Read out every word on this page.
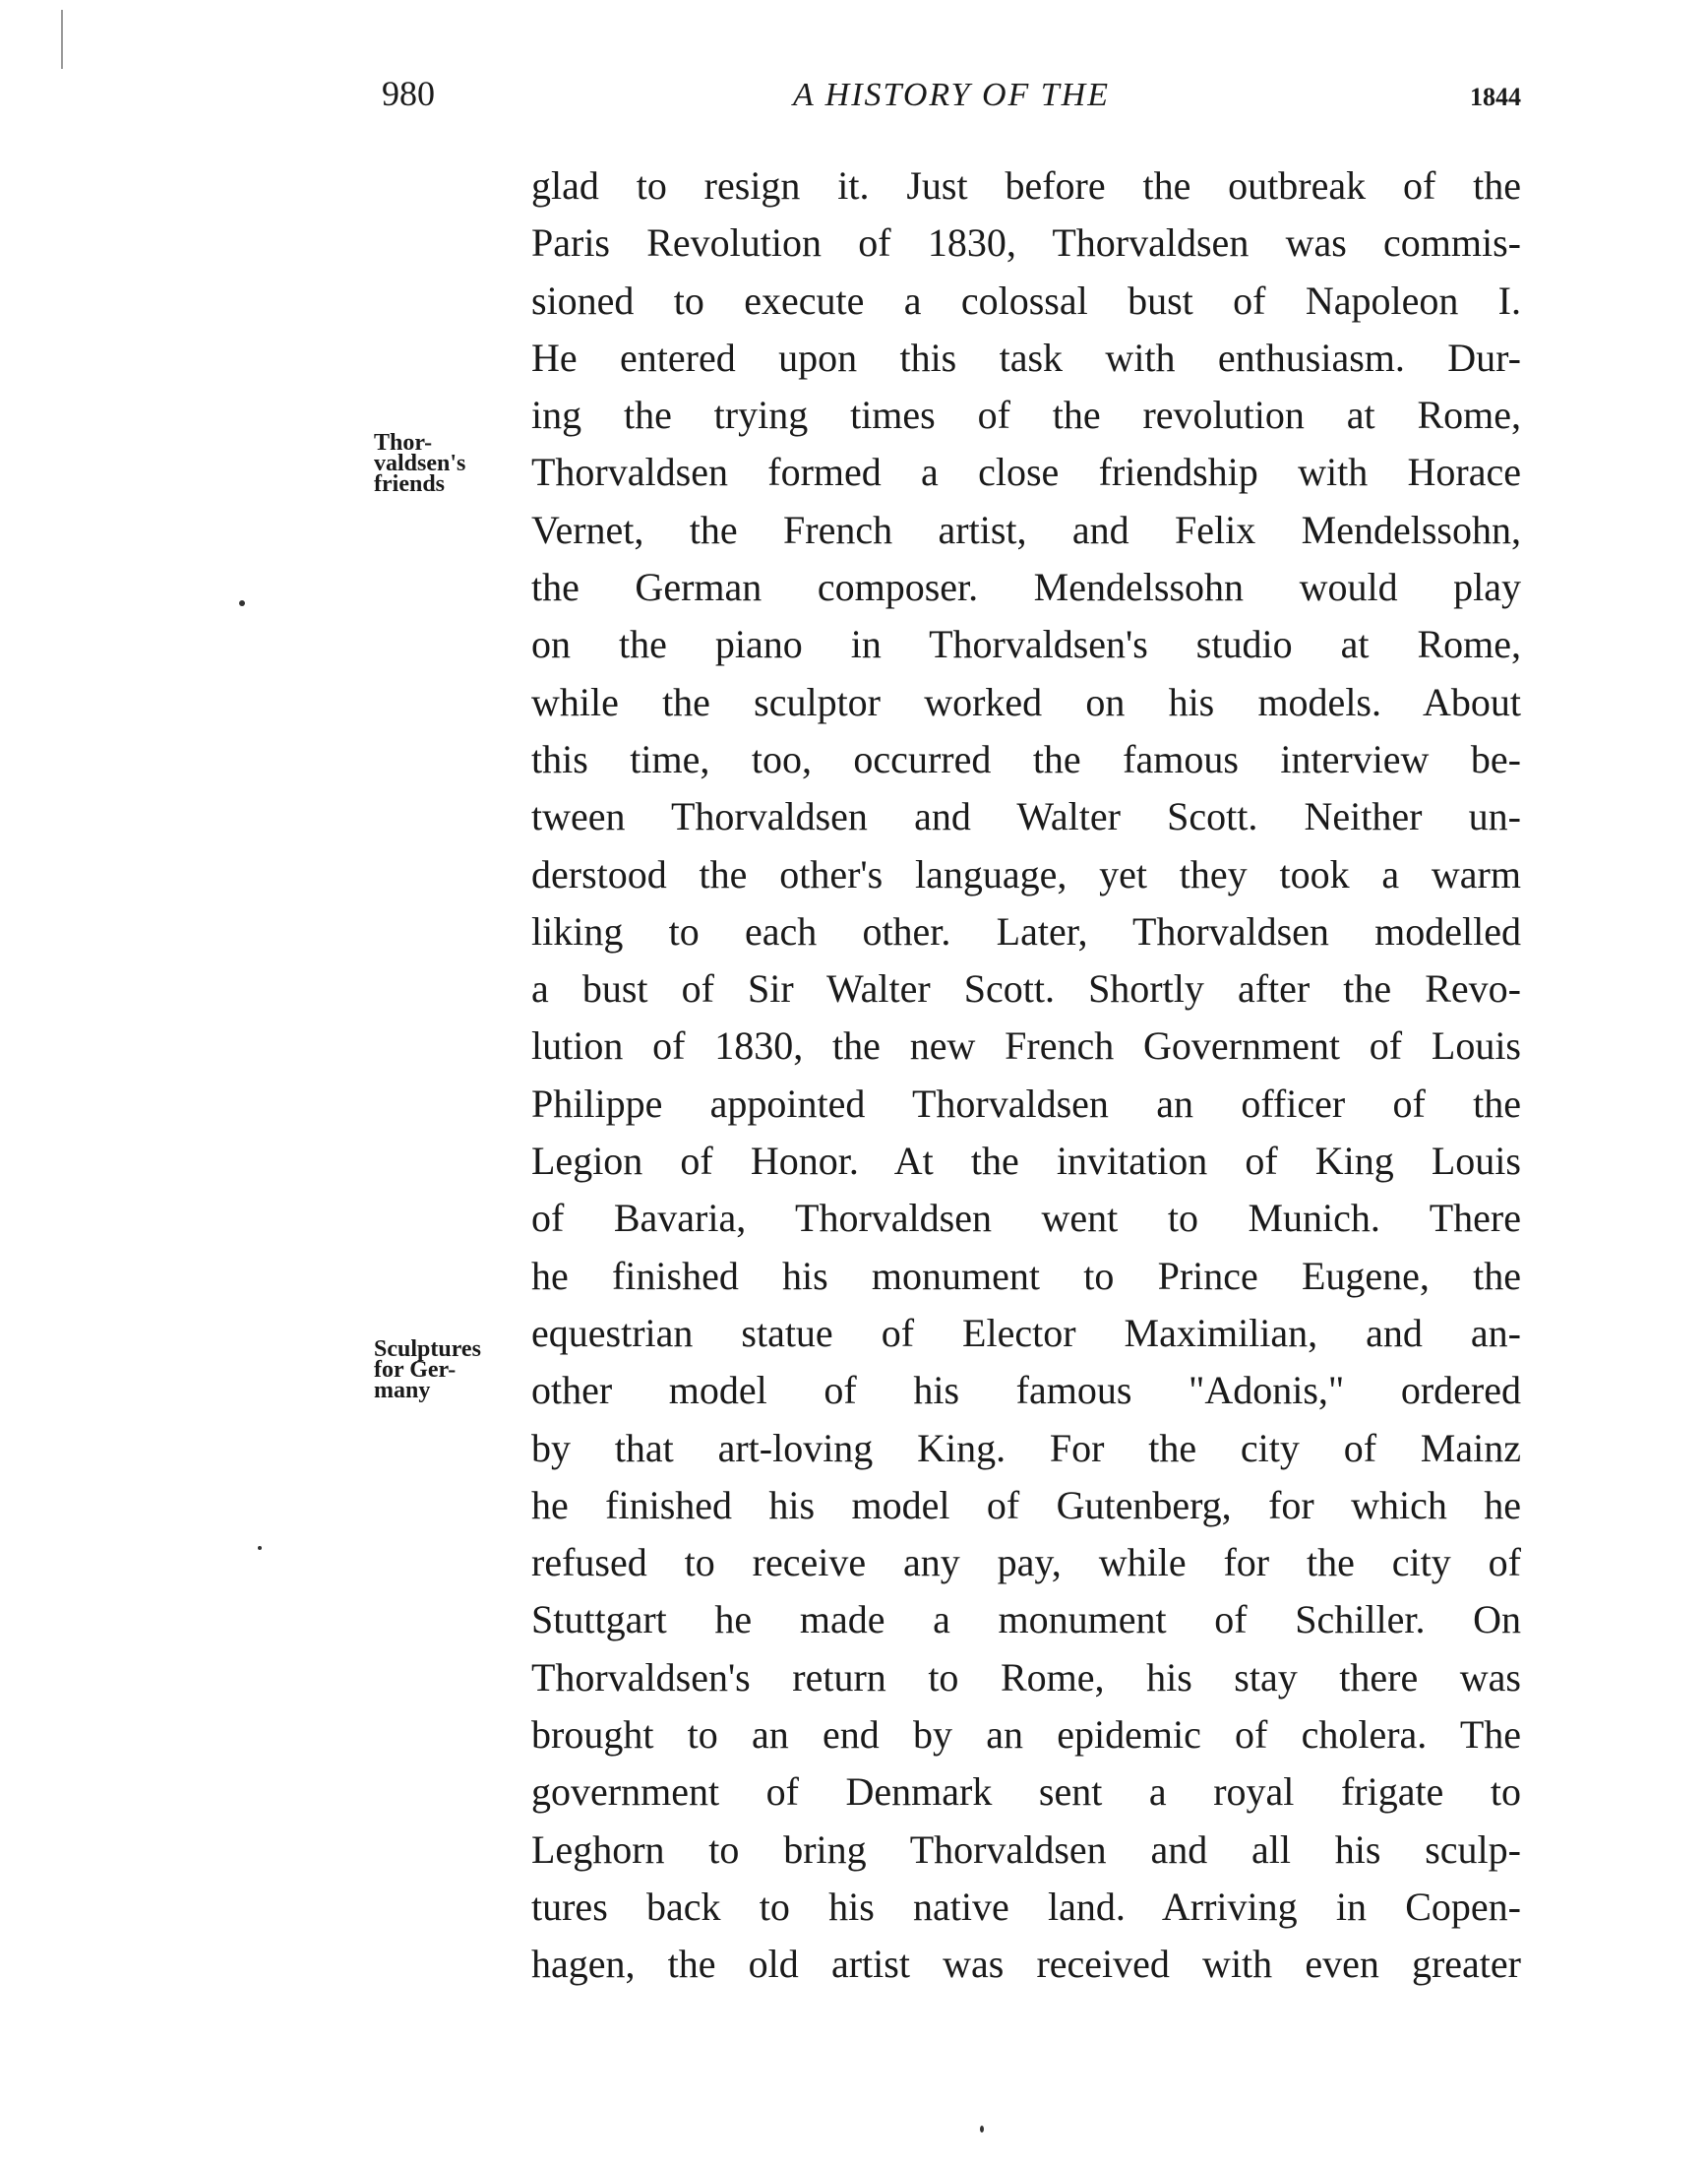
980	A HISTORY OF THE	1844
Thor-
valdsen's
friends
Sculptures
for Ger-
many
glad to resign it. Just before the outbreak of the
Paris Revolution of 1830, Thorvaldsen was commis-
sioned to execute a colossal bust of Napoleon I.
He entered upon this task with enthusiasm. Dur-
ing the trying times of the revolution at Rome,
Thorvaldsen formed a close friendship with Horace
Vernet, the French artist, and Felix Mendelssohn,
the German composer. Mendelssohn would play
on the piano in Thorvaldsen's studio at Rome,
while the sculptor worked on his models. About
this time, too, occurred the famous interview be-
tween Thorvaldsen and Walter Scott. Neither un-
derstood the other's language, yet they took a warm
liking to each other. Later, Thorvaldsen modelled
a bust of Sir Walter Scott. Shortly after the Revo-
lution of 1830, the new French Government of Louis
Philippe appointed Thorvaldsen an officer of the
Legion of Honor. At the invitation of King Louis
of Bavaria, Thorvaldsen went to Munich. There
he finished his monument to Prince Eugene, the
equestrian statue of Elector Maximilian, and an-
other model of his famous "Adonis," ordered
by that art-loving King. For the city of Mainz
he finished his model of Gutenberg, for which he
refused to receive any pay, while for the city of
Stuttgart he made a monument of Schiller. On
Thorvaldsen's return to Rome, his stay there was
brought to an end by an epidemic of cholera. The
government of Denmark sent a royal frigate to
Leghorn to bring Thorvaldsen and all his sculp-
tures back to his native land. Arriving in Copen-
hagen, the old artist was received with even greater
